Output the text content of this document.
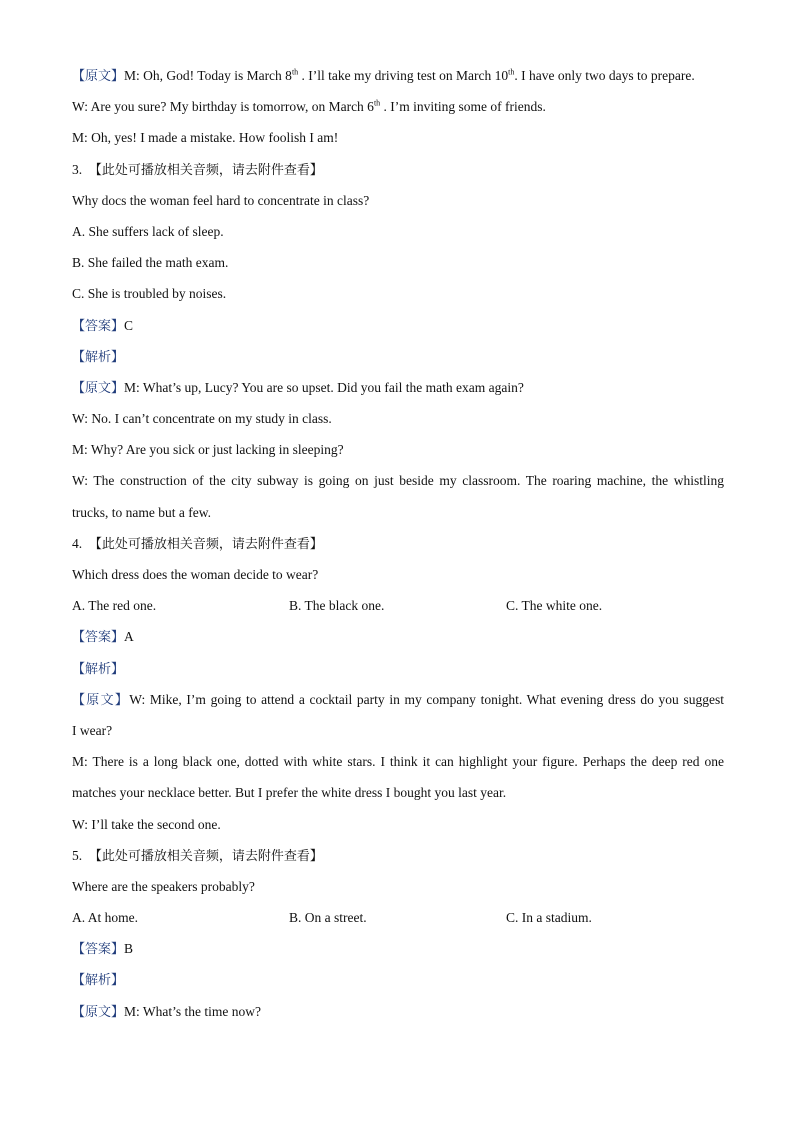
【原文】M: Oh, God! Today is March 8th . I’ll take my driving test on March 10th. I have only two days to prepare.
W: Are you sure? My birthday is tomorrow, on March 6th . I’m inviting some of friends.
M: Oh, yes! I made a mistake. How foolish I am!
3. 【此处可播放相关音频，请去附件查看】
Why docs the woman feel hard to concentrate in class?
A. She suffers lack of sleep.
B. She failed the math exam.
C. She is troubled by noises.
【答案】C
【解析】
【原文】M: What’s up, Lucy? You are so upset. Did you fail the math exam again?
W: No. I can’t concentrate on my study in class.
M: Why? Are you sick or just lacking in sleeping?
W: The construction of the city subway is going on just beside my classroom. The roaring machine, the whistling
trucks, to name but a few.
4. 【此处可播放相关音频，请去附件查看】
Which dress does the woman decide to wear?
A. The red one.	B. The black one.	C. The white one.
【答案】A
【解析】
【原文】W: Mike, I’m going to attend a cocktail party in my company tonight. What evening dress do you suggest
I wear?
M: There is a long black one, dotted with white stars. I think it can highlight your figure. Perhaps the deep red one
matches your necklace better. But I prefer the white dress I bought you last year.
W: I’ll take the second one.
5. 【此处可播放相关音频，请去附件查看】
Where are the speakers probably?
A. At home.	B. On a street.	C. In a stadium.
【答案】B
【解析】
【原文】M: What’s the time now?
